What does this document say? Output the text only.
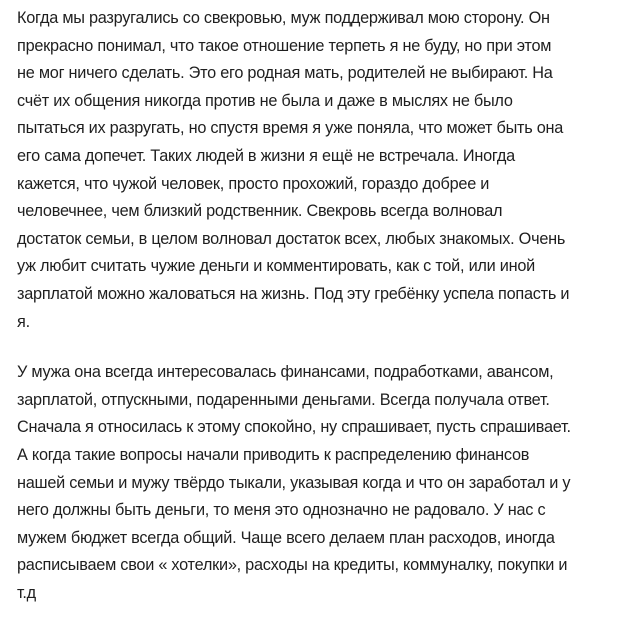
Когда мы разругались со свекровью, муж поддерживал мою сторону. Он
прекрасно понимал, что такое отношение терпеть я не буду, но при этом
не мог ничего сделать. Это его родная мать, родителей не выбирают. На
счёт их общения никогда против не была и даже в мыслях не было
пытаться их разругать, но спустя время я уже поняла, что может быть она
его сама допечет. Таких людей в жизни я ещё не встречала. Иногда
кажется, что чужой человек, просто прохожий, гораздо добрее и
человечнее, чем близкий родственник. Свекровь всегда волновал
достаток семьи, в целом волновал достаток всех, любых знакомых. Очень
уж любит считать чужие деньги и комментировать, как с той, или иной
зарплатой можно жаловаться на жизнь. Под эту гребёнку успела попасть и
я.

У мужа она всегда интересовалась финансами, подработками, авансом,
зарплатой, отпускными, подаренными деньгами. Всегда получала ответ.
Сначала я относилась к этому спокойно, ну спрашивает, пусть спрашивает.
А когда такие вопросы начали приводить к распределению финансов
нашей семьи и мужу твёрдо тыкали, указывая когда и что он заработал и у
него должны быть деньги, то меня это однозначно не радовало. У нас с
мужем бюджет всегда общий. Чаще всего делаем план расходов, иногда
расписываем свои « хотелки», расходы на кредиты, коммуналку, покупки и
т.д
